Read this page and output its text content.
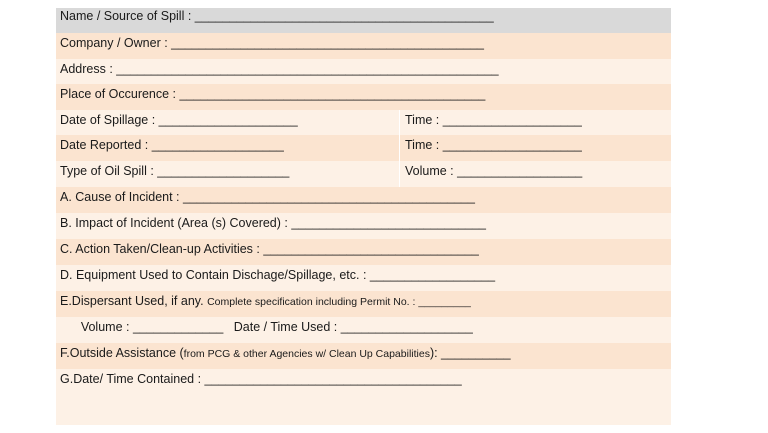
Name / Source of Spill : ___________________________________________
Company / Owner : _____________________________________________
Address : _______________________________________________________
Place of Occurence : ____________________________________________
Date of Spillage : ____________________	Time : ____________________
Date Reported : ___________________	Time : ____________________
Type of Oil Spill : ___________________	Volume : __________________
A. Cause of Incident : __________________________________________
B. Impact of Incident (Area (s) Covered) : ____________________________
C. Action Taken/Clean-up Activities : _______________________________
D. Equipment Used to Contain Dischage/Spillage, etc. : __________________
E.Dispersant Used, if any. Complete specification including Permit No. : _________
Volume : _____________   Date / Time Used : ___________________
F.Outside Assistance (from PCG & other Agencies w/ Clean Up Capabilities): __________
G.Date/ Time Contained : _____________________________________
